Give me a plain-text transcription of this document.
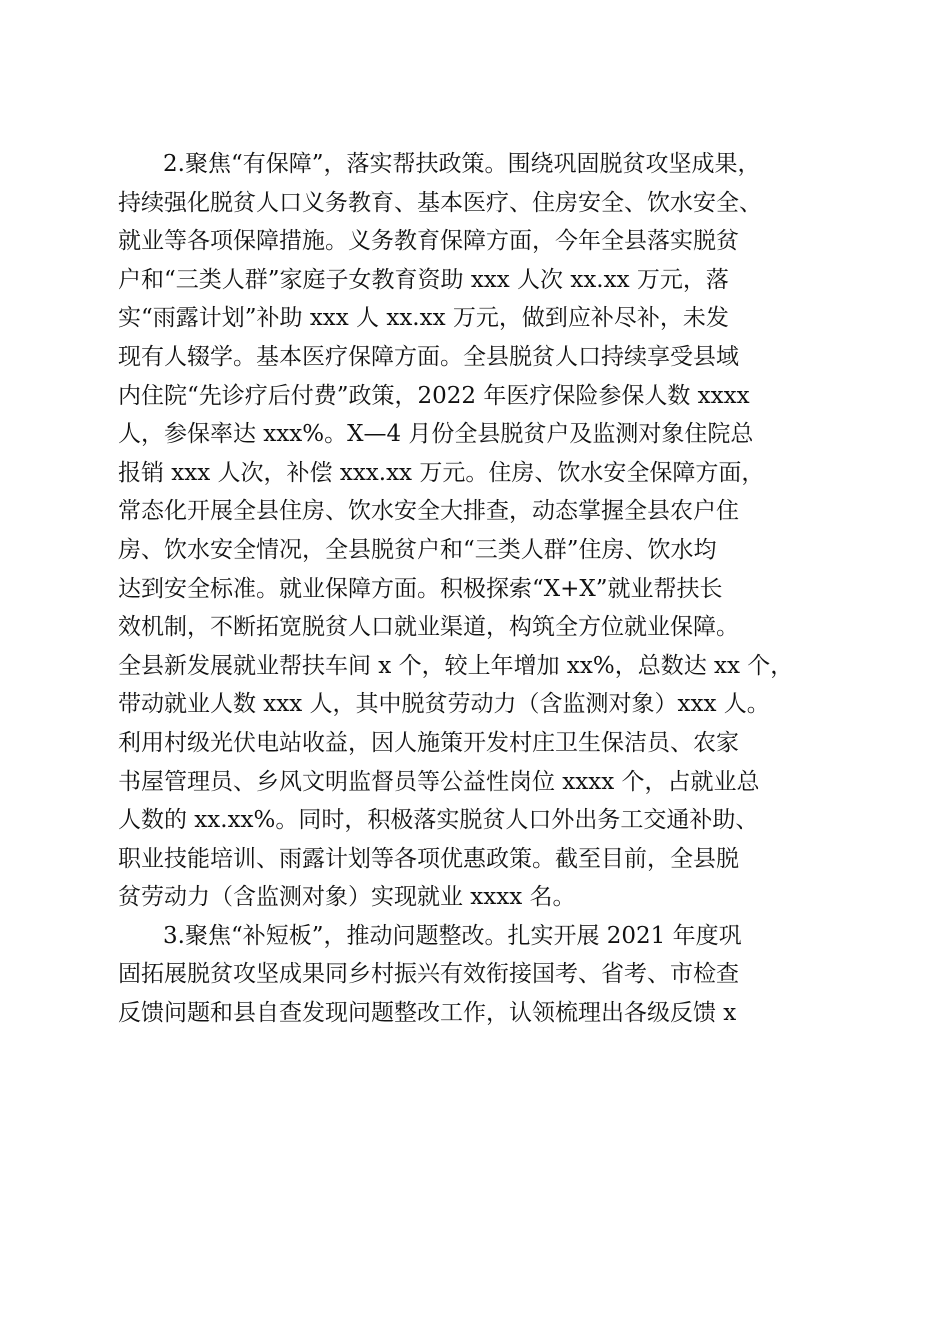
2.聚焦“有保障”，落实帮扶政策。围绕巩固脱贫攻坚成果，
持续强化脱贫人口义务教育、基本医疗、住房安全、饮水安全、
就业等各项保障措施。义务教育保障方面，今年全县落实脱贫
户和“三类人群”家庭子女教育资助 xxx 人次 xx.xx 万元，落
实“雨露计划”补助 xxx 人 xx.xx 万元，做到应补尽补，未发
现有人辍学。基本医疗保障方面。全县脱贫人口持续享受县域
内住院“先诊疗后付费”政策，2022 年医疗保险参保人数 xxxx
人，参保率达 xxx%。X—4 月份全县脱贫户及监测对象住院总
报销 xxx 人次，补偿 xxx.xx 万元。住房、饮水安全保障方面，
常态化开展全县住房、饮水安全大排查，动态掌握全县农户住
房、饮水安全情况，全县脱贫户和“三类人群”住房、饮水均
达到安全标准。就业保障方面。积极探索“X+X”就业帮扶长
效机制，不断拓宽脱贫人口就业渠道，构筑全方位就业保障。
全县新发展就业帮扶车间 x 个，较上年增加 xx%，总数达 xx 个，
带动就业人数 xxx 人，其中脱贫劳动力（含监测对象）xxx 人。
利用村级光伏电站收益，因人施策开发村庄卫生保洁员、农家
书屋管理员、乡风文明监督员等公益性岗位 xxxx 个，占就业总
人数的 xx.xx%。同时，积极落实脱贫人口外出务工交通补助、
职业技能培训、雨露计划等各项优惠政策。截至目前，全县脱
贫劳动力（含监测对象）实现就业 xxxx 名。
3.聚焦“补短板”，推动问题整改。扎实开展 2021 年度巩
固拓展脱贫攻坚成果同乡村振兴有效衔接国考、省考、市检查
反馈问题和县自查发现问题整改工作，认领梳理出各级反馈 x
